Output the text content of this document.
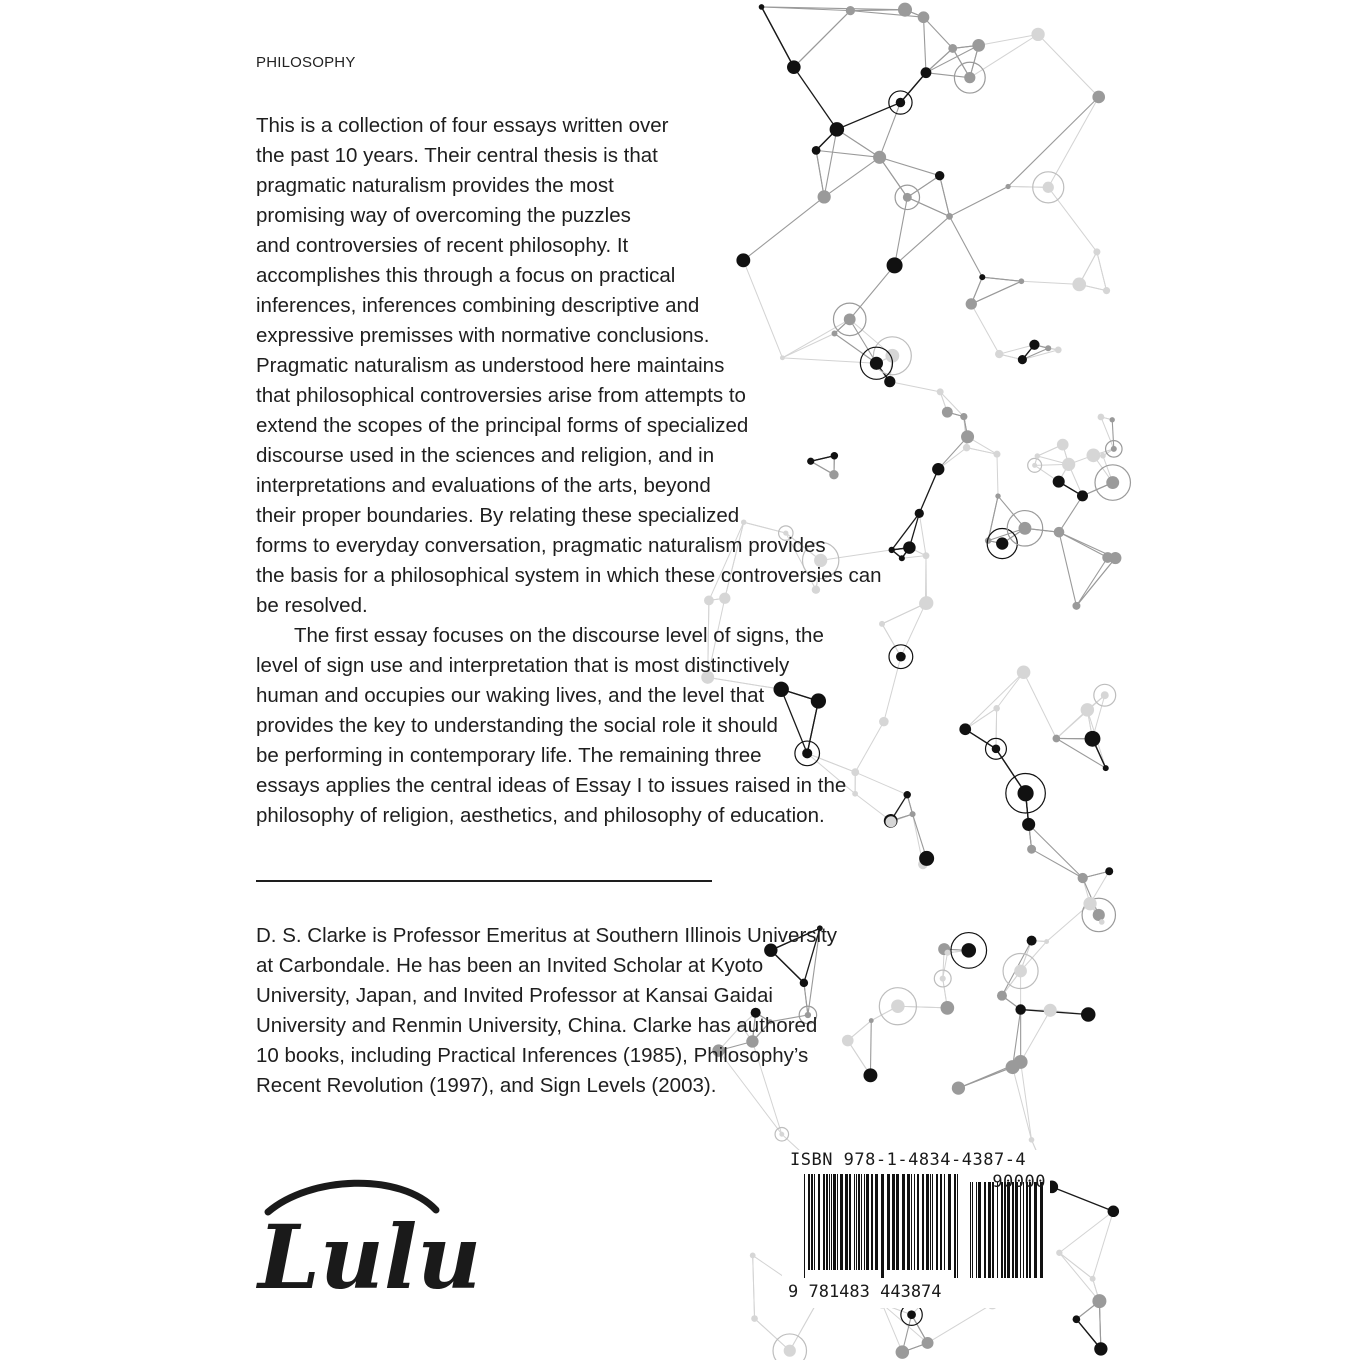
PHILOSOPHY
This is a collection of four essays written over
the past 10 years. Their central thesis is that
pragmatic naturalism provides the most
promising way of overcoming the puzzles
and controversies of recent philosophy. It
accomplishes this through a focus on practical
inferences, inferences combining descriptive and
expressive premisses with normative conclusions.
Pragmatic naturalism as understood here maintains
that philosophical controversies arise from attempts to
extend the scopes of the principal forms of specialized
discourse used in the sciences and religion, and in
interpretations and evaluations of the arts, beyond
their proper boundaries. By relating these specialized
forms to everyday conversation, pragmatic naturalism provides
the basis for a philosophical system in which these controversies can
be resolved.
The first essay focuses on the discourse level of signs, the
level of sign use and interpretation that is most distinctively
human and occupies our waking lives, and the level that
provides the key to understanding the social role it should
be performing in contemporary life. The remaining three
essays applies the central ideas of Essay I to issues raised in the
philosophy of religion, aesthetics, and philosophy of education.
D. S. Clarke is Professor Emeritus at Southern Illinois University
at Carbondale. He has been an Invited Scholar at Kyoto
University, Japan, and Invited Professor at Kansai Gaidai
University and Renmin University, China. Clarke has authored
10 books, including Practical Inferences (1985), Philosophy’s
Recent Revolution (1997), and Sign Levels (2003).
Lulu
ISBN 978-1-4834-4387-4
90000
9 781483 443874
